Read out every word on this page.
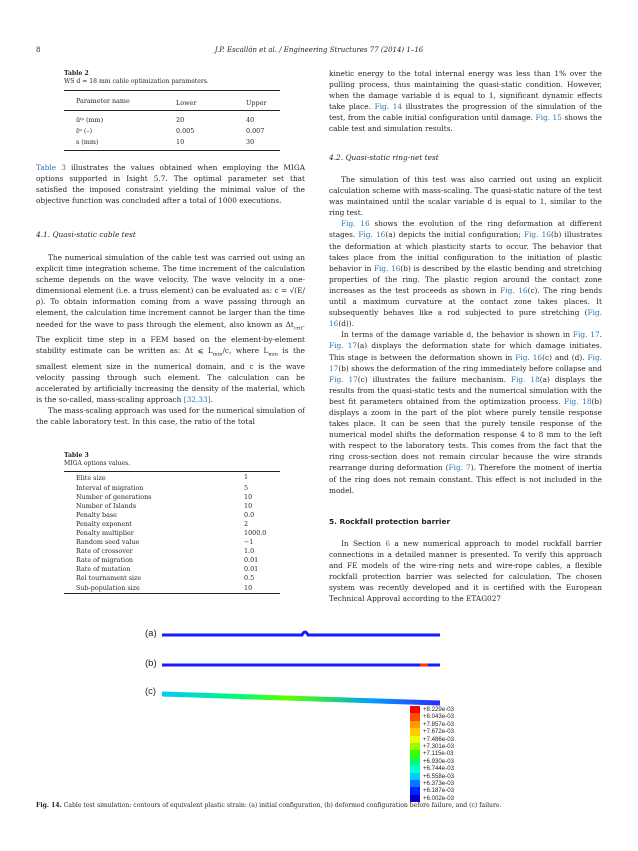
8	J.P. Escallón et al. / Engineering Structures 77 (2014) 1–16
Table 2
WS d = 18 mm cable optimization parameters.
Parameter name	Lower	Upper
ūⁱᵖ (mm)	20	40
ε̄ᵖ (–)	0.005	0.007
s (mm)	10	30

Table 3 illustrates the values obtained when employing the MIGA options supported in Isight 5.7. The optimal parameter set that satisfied the imposed constraint yielding the minimal value of the objective function was concluded after a total of 1000 executions.

4.1. Quasi-static cable test

The numerical simulation of the cable test was carried out using an explicit time integration scheme. The time increment of the calculation scheme depends on the wave velocity. The wave velocity in a one-dimensional element (i.e. a truss element) can be evaluated as: c = √(E/ρ). To obtain information coming from a wave passing through an element, the calculation time increment cannot be larger than the time needed for the wave to pass through the element, also known as $\Delta t_{crit}$. The explicit time step in a FEM based on the element-by-element stability estimate can be written as: Δt ⩽ $L_{min}/c$, where $L_{min}$ is the smallest element size in the numerical domain, and c is the wave velocity passing through such element. The calculation can be accelerated by artificially increasing the density of the material, which is the so-called, mass-scaling approach [32,33].

The mass-scaling approach was used for the numerical simulation of the cable laboratory test. In this case, the ratio of the total

Table 3
MIGA options values.
Elite size	1
Interval of migration	5
Number of generations	10
Number of Islands	10
Penalty base	0.0
Penalty exponent	2
Penalty multiplier	1000.0
Random seed value	−1
Rate of crossover	1.0
Rate of migration	0.01
Rate of mutation	0.01
Rel tournament size	0.5
Sub-population size	10

kinetic energy to the total internal energy was less than 1% over the pulling process, thus maintaining the quasi-static condition. However, when the damage variable d is equal to 1, significant dynamic effects take place. Fig. 14 illustrates the progression of the simulation of the test, from the cable initial configuration until damage. Fig. 15 shows the cable test and simulation results.

4.2. Quasi-static ring-net test

The simulation of this test was also carried out using an explicit calculation scheme with mass-scaling. The quasi-static nature of the test was maintained until the scalar variable d is equal to 1, similar to the ring test.

Fig. 16 shows the evolution of the ring deformation at different stages. Fig. 16(a) depicts the initial configuration; Fig. 16(b) illustrates the deformation at which plasticity starts to occur. The behavior that takes place from the initial configuration to the initiation of plastic behavior in Fig. 16(b) is described by the elastic bending and stretching properties of the ring. The plastic region around the contact zone increases as the test proceeds as shown in Fig. 16(c). The ring bends until a maximum curvature at the contact zone takes places. It subsequently behaves like a rod subjected to pure stretching (Fig. 16(d)).

In terms of the damage variable d, the behavior is shown in Fig. 17. Fig. 17(a) displays the deformation state for which damage initiates. This stage is between the deformation shown in Fig. 16(c) and (d). Fig. 17(b) shows the deformation of the ring immediately before collapse and Fig. 17(c) illustrates the failure mechanism. Fig. 18(a) displays the results from the quasi-static tests and the numerical simulation with the best fit parameters obtained from the optimization process. Fig. 18(b) displays a zoom in the part of the plot where purely tensile response takes place. It can be seen that the purely tensile response of the numerical model shifts the deformation response 4 to 8 mm to the left with respect to the laboratory tests. This comes from the fact that the ring cross-section does not remain circular because the wire strands rearrange during deformation (Fig. 7). Therefore the moment of inertia of the ring does not remain constant. This effect is not included in the model.

5. Rockfall protection barrier

In Section 6 a new numerical approach to model rockfall barrier connections in a detailed manner is presented. To verify this approach and FE models of the wire-ring nets and wire-rope cables, a flexible rockfall protection barrier was selected for calculation. The chosen system was recently developed and it is certified with the European Technical Approval according to the ETAG027

(a)
(b)
(c)
+8.229e-03
+8.043e-03
+7.857e-03
+7.672e-03
+7.486e-03
+7.301e-03
+7.115e-03
+6.930e-03
+6.744e-03
+6.558e-03
+6.373e-03
+6.187e-03
+6.002e-03
Fig. 14. Cable test simulation: contours of equivalent plastic strain: (a) initial configuration, (b) deformed configuration before failure, and (c) failure.
